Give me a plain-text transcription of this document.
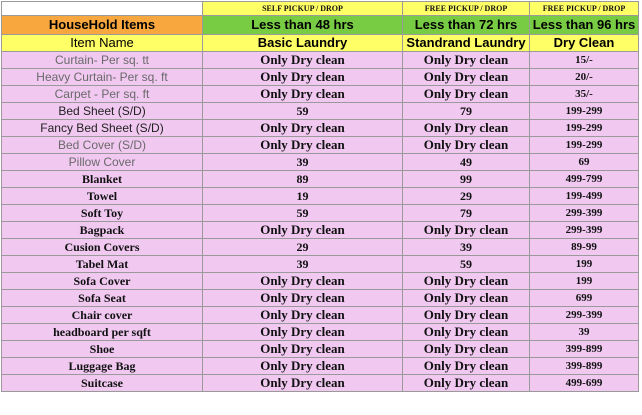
	SELF PICKUP / DROP	FREE PICKUP / DROP	FREE PICKUP / DROP
HouseHold Items	Less than 48 hrs	Less than 72 hrs	Less than 96 hrs
Item Name	Basic Laundry	Standrand Laundry	Dry Clean
Curtain- Per sq. tt	Only Dry clean	Only Dry clean	15/-
Heavy Curtain- Per sq. ft	Only Dry clean	Only Dry clean	20/-
Carpet - Per sq. ft	Only Dry clean	Only Dry clean	35/-
Bed Sheet (S/D)	59	79	199-299
Fancy Bed Sheet (S/D)	Only Dry clean	Only Dry clean	199-299
Bed Cover (S/D)	Only Dry clean	Only Dry clean	199-299
Pillow Cover	39	49	69
Blanket	89	99	499-799
Towel	19	29	199-499
Soft Toy	59	79	299-399
Bagpack	Only Dry clean	Only Dry clean	299-399
Cusion Covers	29	39	89-99
Tabel Mat	39	59	199
Sofa Cover	Only Dry clean	Only Dry clean	199
Sofa Seat	Only Dry clean	Only Dry clean	699
Chair cover	Only Dry clean	Only Dry clean	299-399
headboard per sqft	Only Dry clean	Only Dry clean	39
Shoe	Only Dry clean	Only Dry clean	399-899
Luggage Bag	Only Dry clean	Only Dry clean	399-899
Suitcase	Only Dry clean	Only Dry clean	499-699
